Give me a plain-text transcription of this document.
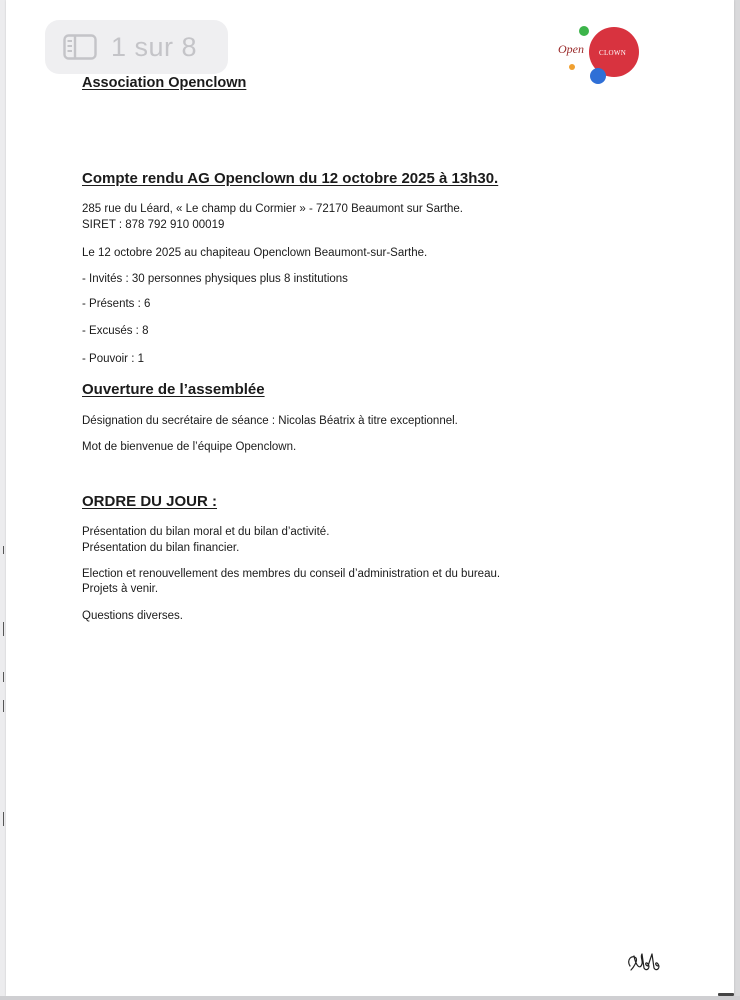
Open CLOWN
Association Openclown
Compte rendu AG Openclown du 12 octobre 2025 à 13h30.
285 rue du Léard, « Le champ du Cormier » - 72170 Beaumont sur Sarthe.
SIRET : 878 792 910 00019
Le 12 octobre 2025 au chapiteau Openclown Beaumont-sur-Sarthe.
- Invités : 30 personnes physiques plus 8 institutions
- Présents : 6
- Excusés : 8
- Pouvoir : 1
Ouverture de l’assemblée
Désignation du secrétaire de séance : Nicolas Béatrix à titre exceptionnel.
Mot de bienvenue de l’équipe Openclown.
ORDRE DU JOUR :
Présentation du bilan moral et du bilan d’activité.
Présentation du bilan financier.
Election et renouvellement des membres du conseil d’administration et du bureau.
Projets à venir.
Questions diverses.
1 sur 8
